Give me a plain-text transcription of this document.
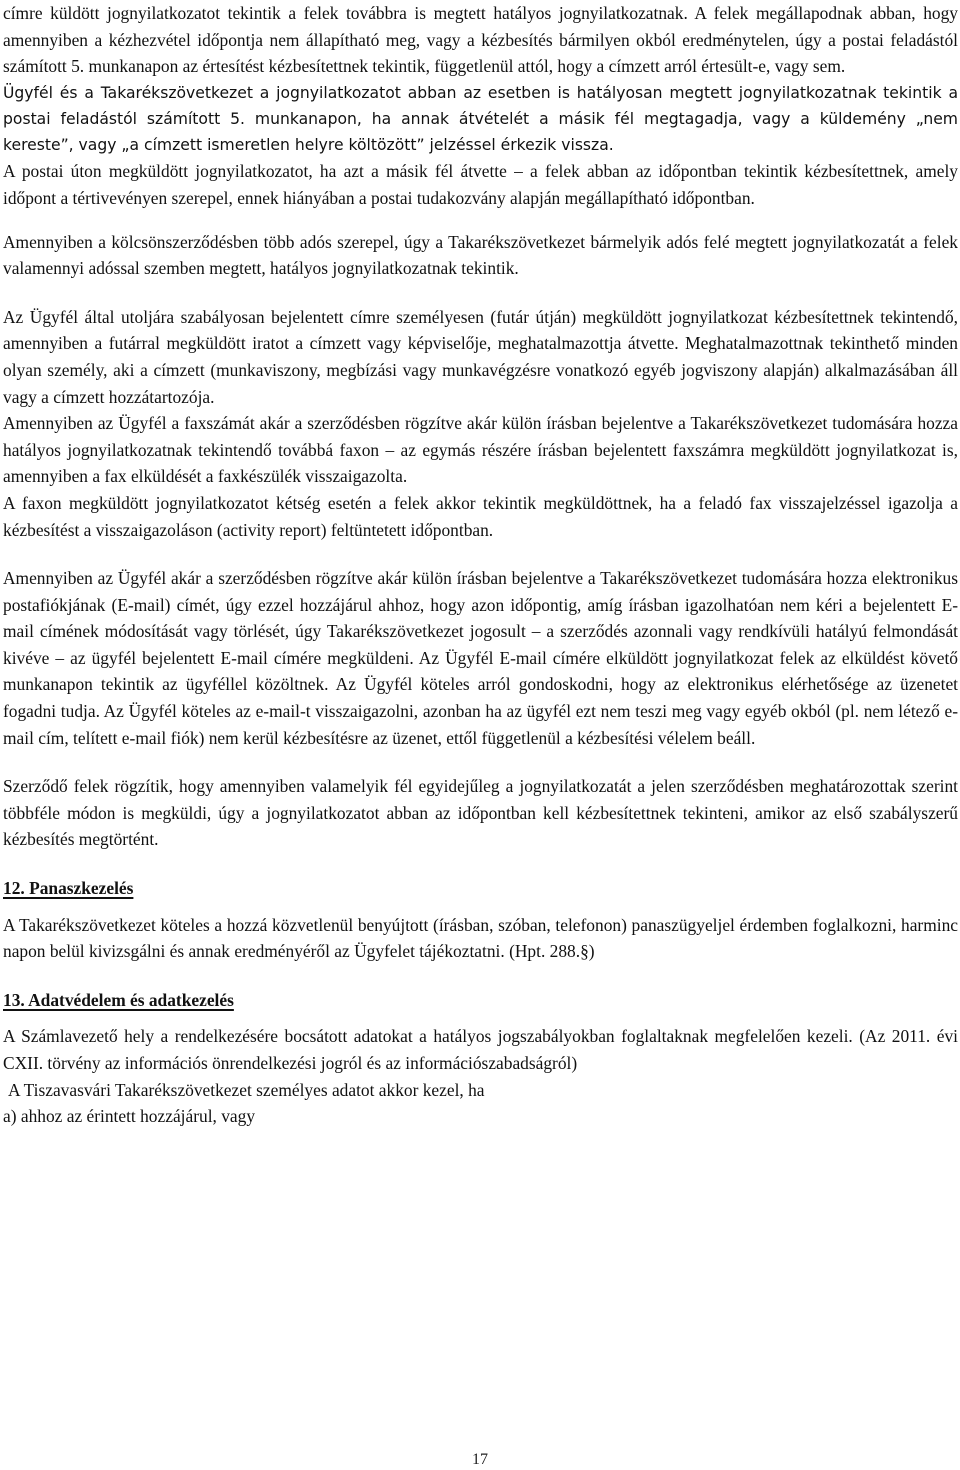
címre küldött jognyilatkozatot tekintik a felek továbbra is megtett hatályos jognyilatkozatnak. A felek megállapodnak abban, hogy amennyiben a kézhezvétel időpontja nem állapítható meg, vagy a kézbesítés bármilyen okból eredménytelen, úgy a postai feladástól számított 5. munkanapon az értesítést kézbesítettnek tekintik, függetlenül attól, hogy a címzett arról értesült-e, vagy sem.

Ügyfél és a Takarékszövetkezet a jognyilatkozatot abban az esetben is hatályosan megtett jognyilatkozatnak tekintik a postai feladástól számított 5. munkanapon, ha annak átvételét a másik fél megtagadja, vagy a küldemény „nem kereste”, vagy „a címzett ismeretlen helyre költözött” jelzéssel érkezik vissza.

A postai úton megküldött jognyilatkozatot, ha azt a másik fél átvette – a felek abban az időpontban tekintik kézbesítettnek, amely időpont a tértivevényen szerepel, ennek hiányában a postai tudakozvány alapján megállapítható időpontban.

Amennyiben a kölcsönszerződésben több adós szerepel, úgy a Takarékszövetkezet bármelyik adós felé megtett jognyilatkozatát a felek valamennyi adóssal szemben megtett, hatályos jognyilatkozatnak tekintik.

Az Ügyfél által utoljára szabályosan bejelentett címre személyesen (futár útján) megküldött jognyilatkozat kézbesítettnek tekintendő, amennyiben a futárral megküldött iratot a címzett vagy képviselője, meghatalmazottja átvette. Meghatalmazottnak tekinthető minden olyan személy, aki a címzett (munkaviszony, megbízási vagy munkavégzésre vonatkozó egyéb jogviszony alapján) alkalmazásában áll vagy a címzett hozzátartozója.

Amennyiben az Ügyfél a faxszámát akár a szerződésben rögzítve akár külön írásban bejelentve a Takarékszövetkezet tudomására hozza hatályos jognyilatkozatnak tekintendő továbbá faxon – az egymás részére írásban bejelentett faxszámra megküldött jognyilatkozat is, amennyiben a fax elküldését a faxkészülék visszaigazolta.

A faxon megküldött jognyilatkozatot kétség esetén a felek akkor tekintik megküldöttnek, ha a feladó fax visszajelzéssel igazolja a kézbesítést a visszaigazoláson (activity report) feltüntetett időpontban.

Amennyiben az Ügyfél akár a szerződésben rögzítve akár külön írásban bejelentve a Takarékszövetkezet tudomására hozza elektronikus postafiókjának (E-mail) címét, úgy ezzel hozzájárul ahhoz, hogy azon időpontig, amíg írásban igazolhatóan nem kéri a bejelentett E-mail címének módosítását vagy törlését, úgy Takarékszövetkezet jogosult – a szerződés azonnali vagy rendkívüli hatályú felmondását kivéve – az ügyfél bejelentett E-mail címére megküldeni. Az Ügyfél E-mail címére elküldött jognyilatkozat felek az elküldést követő munkanapon tekintik az ügyféllel közöltnek. Az Ügyfél köteles arról gondoskodni, hogy az elektronikus elérhetősége az üzenetet fogadni tudja. Az Ügyfél köteles az e-mail-t visszaigazolni, azonban ha az ügyfél ezt nem teszi meg vagy egyéb okból (pl. nem létező e-mail cím, telített e-mail fiók) nem kerül kézbesítésre az üzenet, ettől függetlenül a kézbesítési vélelem beáll.

Szerződő felek rögzítik, hogy amennyiben valamelyik fél egyidejűleg a jognyilatkozatát a jelen szerződésben meghatározottak szerint többféle módon is megküldi, úgy a jognyilatkozatot abban az időpontban kell kézbesítettnek tekinteni, amikor az első szabályszerű kézbesítés megtörtént.

12. Panaszkezelés

A Takarékszövetkezet köteles a hozzá közvetlenül benyújtott (írásban, szóban, telefonon) panaszügyeljel érdemben foglalkozni, harminc napon belül kivizsgálni és annak eredményéről az Ügyfelet tájékoztatni. (Hpt. 288.§)

13. Adatvédelem és adatkezelés

A Számlavezető hely a rendelkezésére bocsátott adatokat a hatályos jogszabályokban foglaltaknak megfelelően kezeli. (Az 2011. évi CXII. törvény az információs önrendelkezési jogról és az információszabadságról)

A Tiszavasvári Takarékszövetkezet személyes adatot akkor kezel, ha

a) ahhoz az érintett hozzájárul, vagy

17
